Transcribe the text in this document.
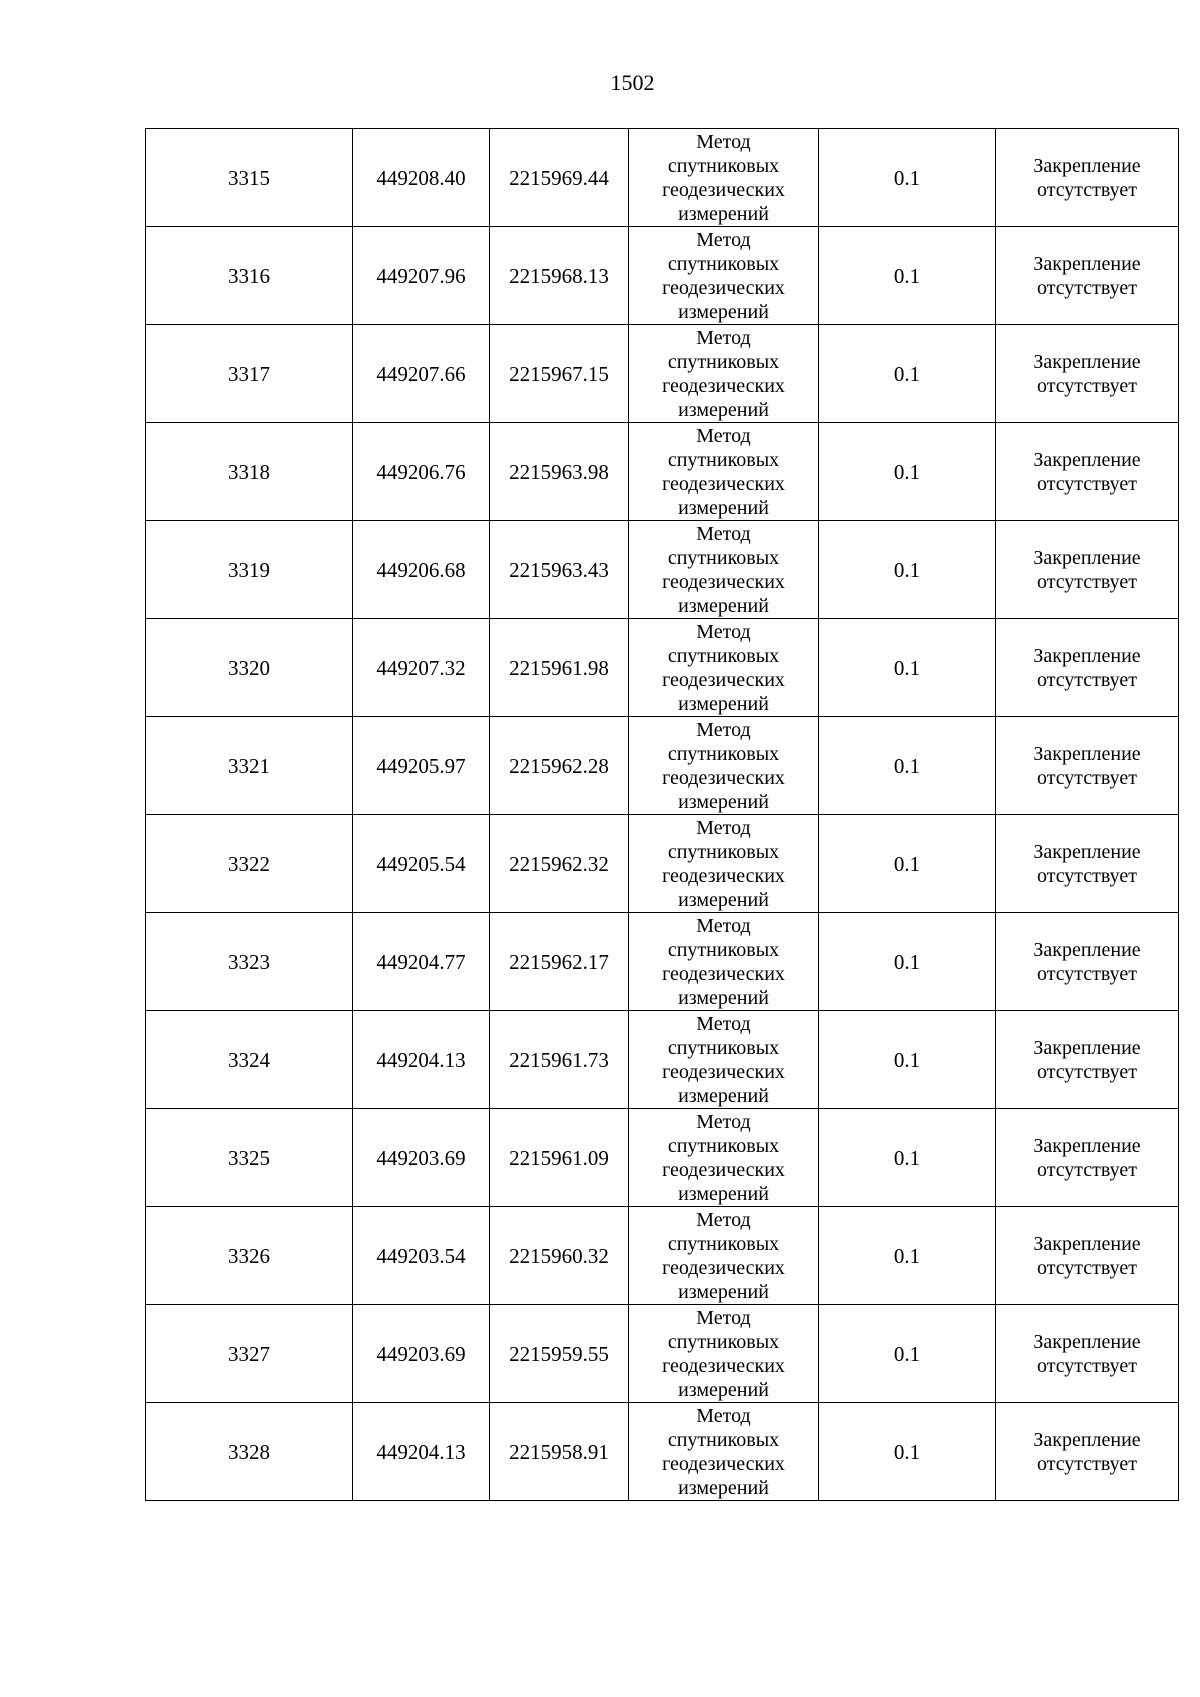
1502
3315	449208.40	2215969.44	Метод
спутниковых
геодезических
измерений	0.1	Закрепление
отсутствует

3316	449207.96	2215968.13	Метод
спутниковых
геодезических
измерений	0.1	Закрепление
отсутствует

3317	449207.66	2215967.15	Метод
спутниковых
геодезических
измерений	0.1	Закрепление
отсутствует

3318	449206.76	2215963.98	Метод
спутниковых
геодезических
измерений	0.1	Закрепление
отсутствует

3319	449206.68	2215963.43	Метод
спутниковых
геодезических
измерений	0.1	Закрепление
отсутствует

3320	449207.32	2215961.98	Метод
спутниковых
геодезических
измерений	0.1	Закрепление
отсутствует

3321	449205.97	2215962.28	Метод
спутниковых
геодезических
измерений	0.1	Закрепление
отсутствует

3322	449205.54	2215962.32	Метод
спутниковых
геодезических
измерений	0.1	Закрепление
отсутствует

3323	449204.77	2215962.17	Метод
спутниковых
геодезических
измерений	0.1	Закрепление
отсутствует

3324	449204.13	2215961.73	Метод
спутниковых
геодезических
измерений	0.1	Закрепление
отсутствует

3325	449203.69	2215961.09	Метод
спутниковых
геодезических
измерений	0.1	Закрепление
отсутствует

3326	449203.54	2215960.32	Метод
спутниковых
геодезических
измерений	0.1	Закрепление
отсутствует

3327	449203.69	2215959.55	Метод
спутниковых
геодезических
измерений	0.1	Закрепление
отсутствует

3328	449204.13	2215958.91	Метод
спутниковых
геодезических
измерений	0.1	Закрепление
отсутствует
